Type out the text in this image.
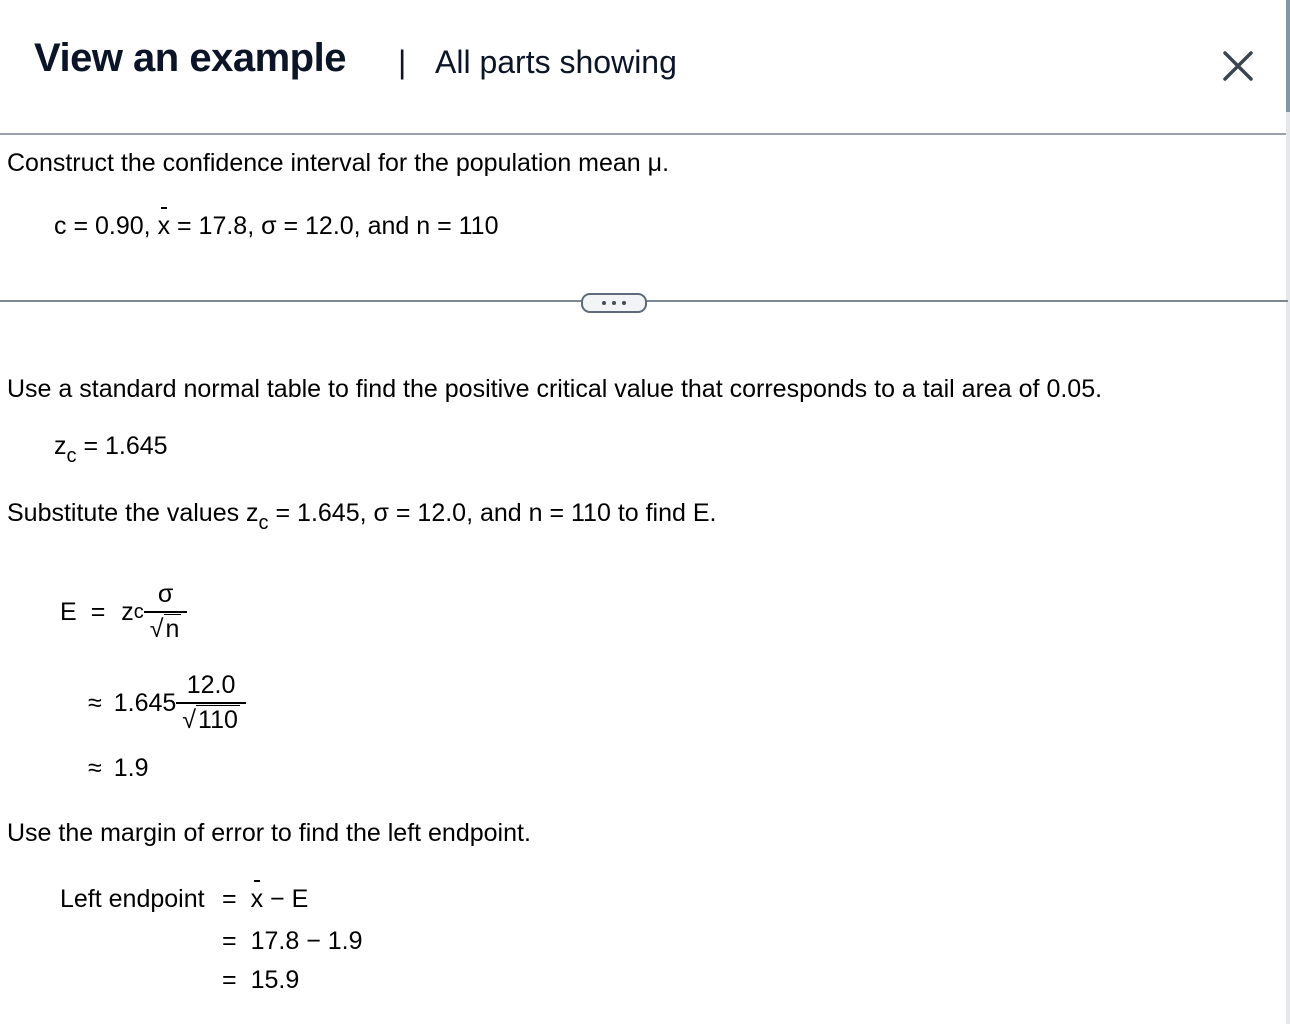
View an example | All parts showing
Construct the confidence interval for the population mean μ.
c = 0.90, x = 17.8, σ = 12.0, and n = 110
Use a standard normal table to find the positive critical value that corresponds to a tail area of 0.05.
$z_c = 1.645$
Substitute the values $z_c = 1.645$, σ = 12.0, and n = 110 to find E.
E = z c $\frac{\sigma}{√n}$
≈ $1.645 \frac{12.0}{√110}$
≈ 1.9
Use the margin of error to find the left endpoint.
Left endpoint = x − E
= 17.8 − 1.9
= 15.9
